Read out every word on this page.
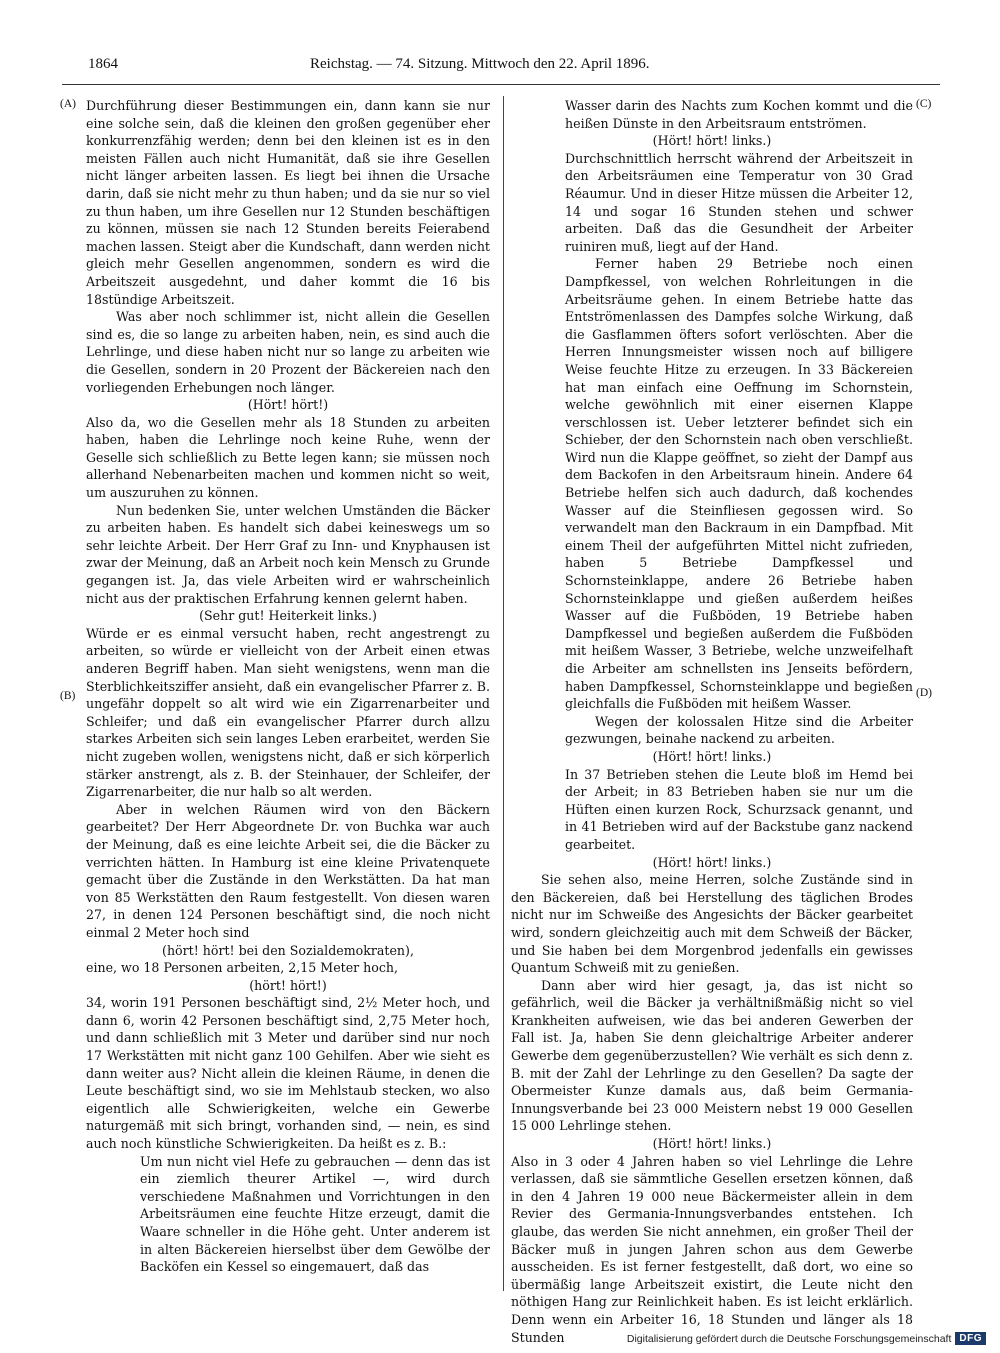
1864	Reichstag. — 74. Sitzung. Mittwoch den 22. April 1896.
(A)
(B)
(C)
(D)

Durchführung dieser Bestimmungen ein, dann kann sie nur eine solche sein, daß die kleinen den großen gegenüber eher konkurrenzfähig werden; denn bei den kleinen ist es in den meisten Fällen auch nicht Humanität, daß sie ihre Gesellen nicht länger arbeiten lassen. Es liegt bei ihnen die Ursache darin, daß sie nicht mehr zu thun haben; und da sie nur so viel zu thun haben, um ihre Gesellen nur 12 Stunden beschäftigen zu können, müssen sie nach 12 Stunden bereits Feierabend machen lassen. Steigt aber die Kundschaft, dann werden nicht gleich mehr Gesellen angenommen, sondern es wird die Arbeitszeit ausgedehnt, und daher kommt die 16 bis 18stündige Arbeitszeit.

Was aber noch schlimmer ist, nicht allein die Gesellen sind es, die so lange zu arbeiten haben, nein, es sind auch die Lehrlinge, und diese haben nicht nur so lange zu arbeiten wie die Gesellen, sondern in 20 Prozent der Bäckereien nach den vorliegenden Erhebungen noch länger.

(Hört! hört!)

Also da, wo die Gesellen mehr als 18 Stunden zu arbeiten haben, haben die Lehrlinge noch keine Ruhe, wenn der Geselle sich schließlich zu Bette legen kann; sie müssen noch allerhand Nebenarbeiten machen und kommen nicht so weit, um auszuruhen zu können.

Nun bedenken Sie, unter welchen Umständen die Bäcker zu arbeiten haben. Es handelt sich dabei keineswegs um so sehr leichte Arbeit. Der Herr Graf zu Inn- und Knyphausen ist zwar der Meinung, daß an Arbeit noch kein Mensch zu Grunde gegangen ist. Ja, das viele Arbeiten wird er wahrscheinlich nicht aus der praktischen Erfahrung kennen gelernt haben.

(Sehr gut! Heiterkeit links.)

Würde er es einmal versucht haben, recht angestrengt zu arbeiten, so würde er vielleicht von der Arbeit einen etwas anderen Begriff haben. Man sieht wenigstens, wenn man die Sterblichkeitsziffer ansieht, daß ein evangelischer Pfarrer z. B. ungefähr doppelt so alt wird wie ein Zigarrenarbeiter und Schleifer; und daß ein evangelischer Pfarrer durch allzu starkes Arbeiten sich sein langes Leben erarbeitet, werden Sie nicht zugeben wollen, wenigstens nicht, daß er sich körperlich stärker anstrengt, als z. B. der Steinhauer, der Schleifer, der Zigarrenarbeiter, die nur halb so alt werden.

Aber in welchen Räumen wird von den Bäckern gearbeitet? Der Herr Abgeordnete Dr. von Buchka war auch der Meinung, daß es eine leichte Arbeit sei, die die Bäcker zu verrichten hätten. In Hamburg ist eine kleine Privatenquete gemacht über die Zustände in den Werkstätten. Da hat man von 85 Werkstätten den Raum festgestellt. Von diesen waren 27, in denen 124 Personen beschäftigt sind, die noch nicht einmal 2 Meter hoch sind

(hört! hört! bei den Sozialdemokraten),

eine, wo 18 Personen arbeiten, 2,15 Meter hoch,

(hört! hört!)

34, worin 191 Personen beschäftigt sind, 2½ Meter hoch, und dann 6, worin 42 Personen beschäftigt sind, 2,75 Meter hoch, und dann schließlich mit 3 Meter und darüber sind nur noch 17 Werkstätten mit nicht ganz 100 Gehilfen. Aber wie sieht es dann weiter aus? Nicht allein die kleinen Räume, in denen die Leute beschäftigt sind, wo sie im Mehlstaub stecken, wo also eigentlich alle Schwierigkeiten, welche ein Gewerbe naturgemäß mit sich bringt, vorhanden sind, — nein, es sind auch noch künstliche Schwierigkeiten. Da heißt es z. B.:

Um nun nicht viel Hefe zu gebrauchen — denn das ist ein ziemlich theurer Artikel —, wird durch verschiedene Maßnahmen und Vorrichtungen in den Arbeitsräumen eine feuchte Hitze erzeugt, damit die Waare schneller in die Höhe geht. Unter anderem ist in alten Bäckereien hierselbst über dem Gewölbe der Backöfen ein Kessel so eingemauert, daß das

Wasser darin des Nachts zum Kochen kommt und die heißen Dünste in den Arbeitsraum entströmen.

(Hört! hört! links.)

Durchschnittlich herrscht während der Arbeitszeit in den Arbeitsräumen eine Temperatur von 30 Grad Réaumur. Und in dieser Hitze müssen die Arbeiter 12, 14 und sogar 16 Stunden stehen und schwer arbeiten. Daß das die Gesundheit der Arbeiter ruiniren muß, liegt auf der Hand.

Ferner haben 29 Betriebe noch einen Dampfkessel, von welchen Rohrleitungen in die Arbeitsräume gehen. In einem Betriebe hatte das Entströmenlassen des Dampfes solche Wirkung, daß die Gasflammen öfters sofort verlöschten. Aber die Herren Innungsmeister wissen noch auf billigere Weise feuchte Hitze zu erzeugen. In 33 Bäckereien hat man einfach eine Oeffnung im Schornstein, welche gewöhnlich mit einer eisernen Klappe verschlossen ist. Ueber letzterer befindet sich ein Schieber, der den Schornstein nach oben verschließt. Wird nun die Klappe geöffnet, so zieht der Dampf aus dem Backofen in den Arbeitsraum hinein. Andere 64 Betriebe helfen sich auch dadurch, daß kochendes Wasser auf die Steinfliesen gegossen wird. So verwandelt man den Backraum in ein Dampfbad. Mit einem Theil der aufgeführten Mittel nicht zufrieden, haben 5 Betriebe Dampfkessel und Schornsteinklappe, andere 26 Betriebe haben Schornsteinklappe und gießen außerdem heißes Wasser auf die Fußböden, 19 Betriebe haben Dampfkessel und begießen außerdem die Fußböden mit heißem Wasser, 3 Betriebe, welche unzweifelhaft die Arbeiter am schnellsten ins Jenseits befördern, haben Dampfkessel, Schornsteinklappe und begießen gleichfalls die Fußböden mit heißem Wasser.

Wegen der kolossalen Hitze sind die Arbeiter gezwungen, beinahe nackend zu arbeiten.

(Hört! hört! links.)

In 37 Betrieben stehen die Leute bloß im Hemd bei der Arbeit; in 83 Betrieben haben sie nur um die Hüften einen kurzen Rock, Schurzsack genannt, und in 41 Betrieben wird auf der Backstube ganz nackend gearbeitet.

(Hört! hört! links.)

Sie sehen also, meine Herren, solche Zustände sind in den Bäckereien, daß bei Herstellung des täglichen Brodes nicht nur im Schweiße des Angesichts der Bäcker gearbeitet wird, sondern gleichzeitig auch mit dem Schweiß der Bäcker, und Sie haben bei dem Morgenbrod jedenfalls ein gewisses Quantum Schweiß mit zu genießen.

Dann aber wird hier gesagt, ja, das ist nicht so gefährlich, weil die Bäcker ja verhältnißmäßig nicht so viel Krankheiten aufweisen, wie das bei anderen Gewerben der Fall ist. Ja, haben Sie denn gleichaltrige Arbeiter anderer Gewerbe dem gegenüberzustellen? Wie verhält es sich denn z. B. mit der Zahl der Lehrlinge zu den Gesellen? Da sagte der Obermeister Kunze damals aus, daß beim Germania-Innungsverbande bei 23 000 Meistern nebst 19 000 Gesellen 15 000 Lehrlinge stehen.

(Hört! hört! links.)

Also in 3 oder 4 Jahren haben so viel Lehrlinge die Lehre verlassen, daß sie sämmtliche Gesellen ersetzen können, daß in den 4 Jahren 19 000 neue Bäckermeister allein in dem Revier des Germania-Innungsverbandes entstehen. Ich glaube, das werden Sie nicht annehmen, ein großer Theil der Bäcker muß in jungen Jahren schon aus dem Gewerbe ausscheiden. Es ist ferner festgestellt, daß dort, wo eine so übermäßig lange Arbeitszeit existirt, die Leute nicht den nöthigen Hang zur Reinlichkeit haben. Es ist leicht erklärlich. Denn wenn ein Arbeiter 16, 18 Stunden und länger als 18 Stunden	Digitalisierung gefördert durch die Deutsche Forschungsgemeinschaft DFG
